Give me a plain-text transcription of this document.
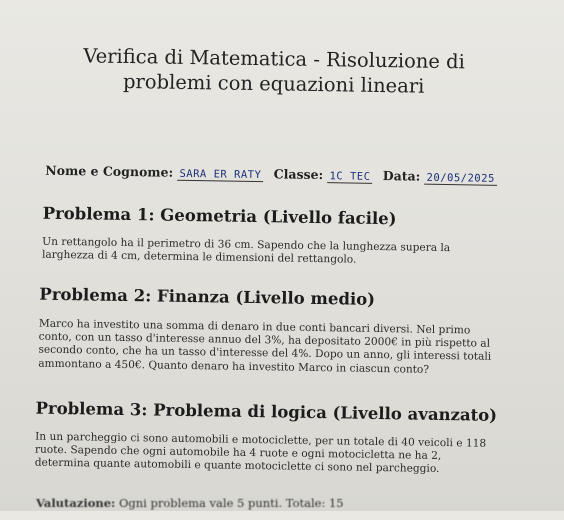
Verifica di Matematica - Risoluzione di problemi con equazioni lineari
Nome e Cognome: SARA ER RATY Classe: 1C TEC Data: 20/05/2025
Problema 1: Geometria (Livello facile)
Un rettangolo ha il perimetro di 36 cm. Sapendo che la lunghezza supera la larghezza di 4 cm, determina le dimensioni del rettangolo.
Problema 2: Finanza (Livello medio)
Marco ha investito una somma di denaro in due conti bancari diversi. Nel primo conto, con un tasso d'interesse annuo del 3%, ha depositato 2000€ in più rispetto al secondo conto, che ha un tasso d'interesse del 4%. Dopo un anno, gli interessi totali ammontano a 450€. Quanto denaro ha investito Marco in ciascun conto?
Problema 3: Problema di logica (Livello avanzato)
In un parcheggio ci sono automobili e motociclette, per un totale di 40 veicoli e 118 ruote. Sapendo che ogni automobile ha 4 ruote e ogni motocicletta ne ha 2, determina quante automobili e quante motociclette ci sono nel parcheggio.
Valutazione: Ogni problema vale 5 punti. Totale: 15
